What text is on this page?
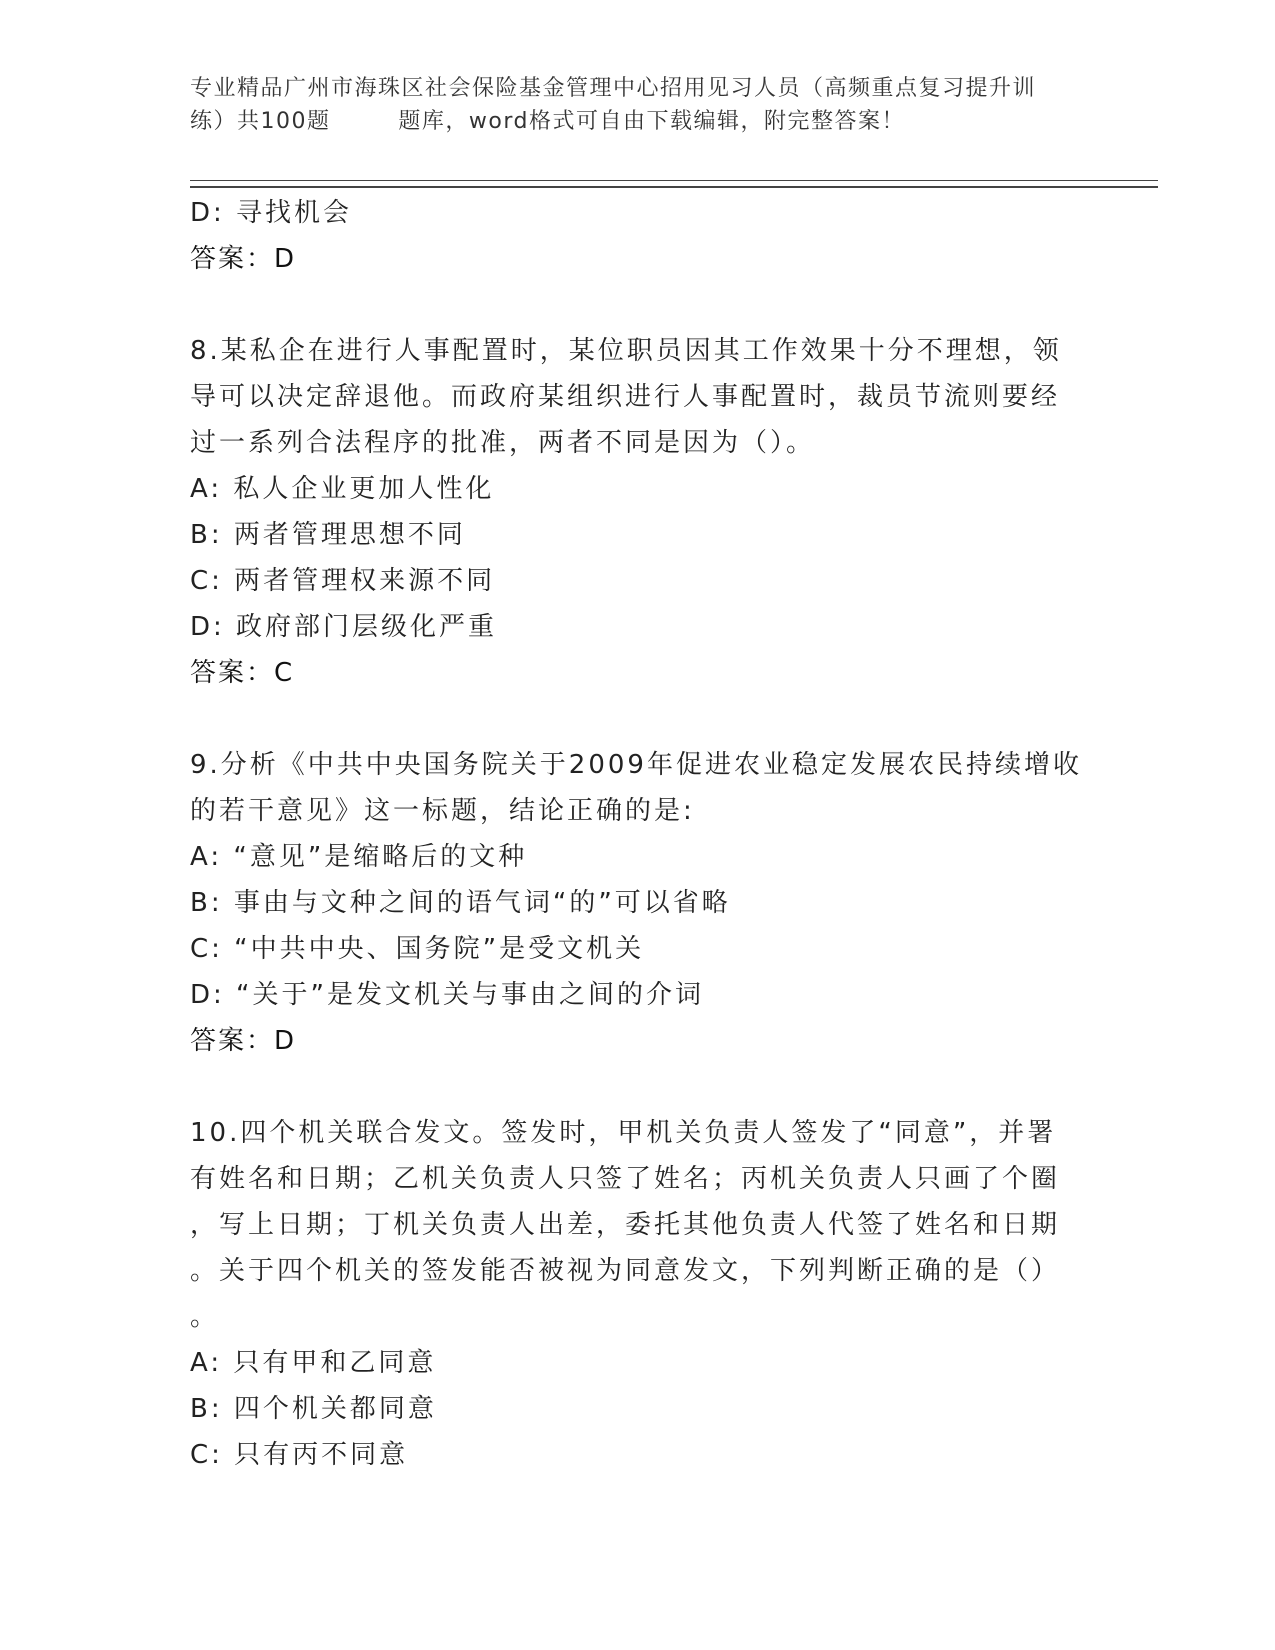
专业精品广州市海珠区社会保险基金管理中心招用见习人员（高频重点复习提升训
练）共100题        题库，word格式可自由下载编辑，附完整答案！
D: 寻找机会
答案：D
8.某私企在进行人事配置时，某位职员因其工作效果十分不理想，领
导可以决定辞退他。而政府某组织进行人事配置时，裁员节流则要经
过一系列合法程序的批准，两者不同是因为（）。
A: 私人企业更加人性化
B: 两者管理思想不同
C: 两者管理权来源不同
D: 政府部门层级化严重
答案：C
9.分析《中共中央国务院关于2009年促进农业稳定发展农民持续增收
的若干意见》这一标题，结论正确的是:
A: “意见”是缩略后的文种
B: 事由与文种之间的语气词“的”可以省略
C: “中共中央、国务院”是受文机关
D: “关于”是发文机关与事由之间的介词
答案：D
10.四个机关联合发文。签发时，甲机关负责人签发了“同意”，并署
有姓名和日期；乙机关负责人只签了姓名；丙机关负责人只画了个圈
，写上日期；丁机关负责人出差，委托其他负责人代签了姓名和日期
。关于四个机关的签发能否被视为同意发文，下列判断正确的是（）
。
A: 只有甲和乙同意
B: 四个机关都同意
C: 只有丙不同意
